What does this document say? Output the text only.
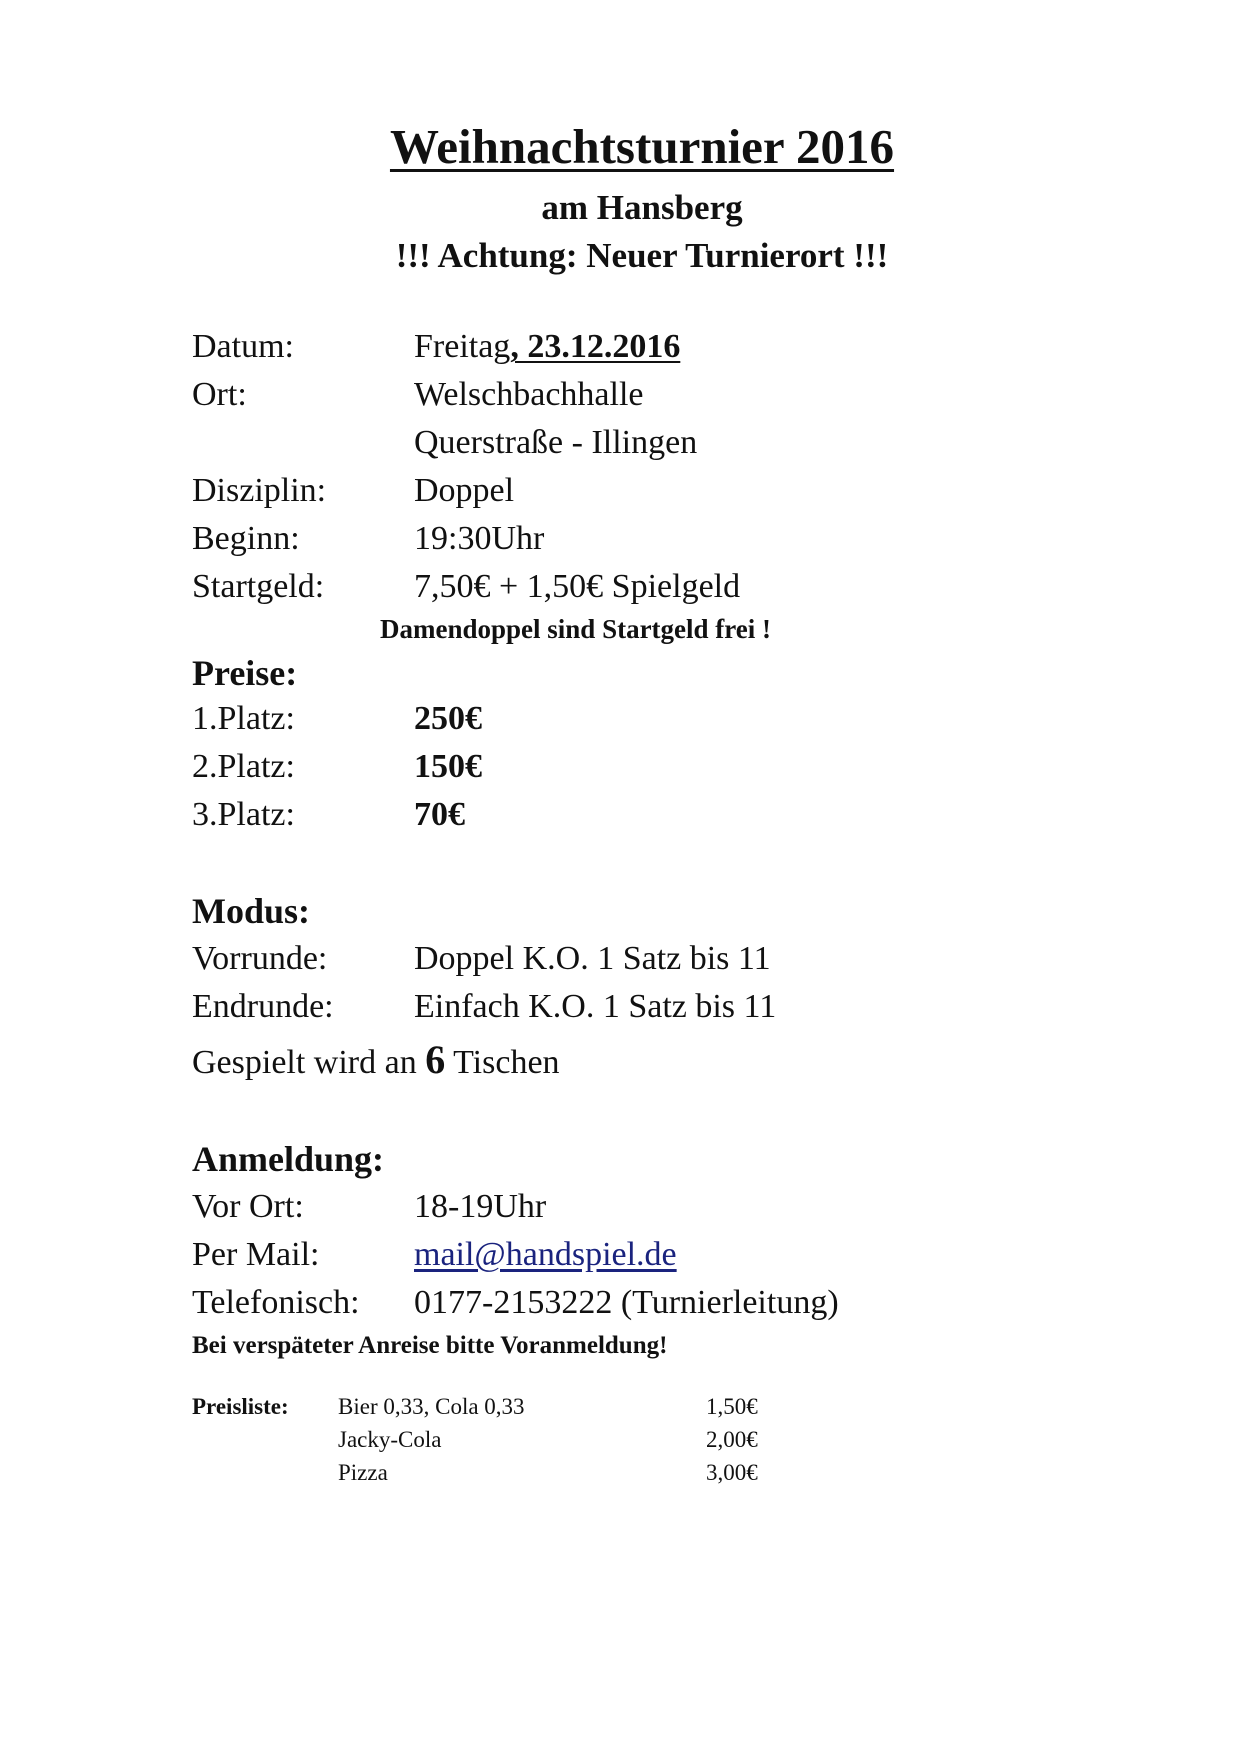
Weihnachtsturnier 2016
am Hansberg
!!! Achtung: Neuer Turnierort !!!
Datum:	Freitag, 23.12.2016
Ort:	Welschbachhalle
Querstraße - Illingen
Disziplin:	Doppel
Beginn:	19:30Uhr
Startgeld:	7,50€ + 1,50€ Spielgeld
Damendoppel sind Startgeld frei !
Preise:
1.Platz:	250€
2.Platz:	150€
3.Platz:	70€
Modus:
Vorrunde:	Doppel K.O. 1 Satz bis 11
Endrunde: Einfach K.O. 1 Satz bis 11
Gespielt wird an 6 Tischen
Anmeldung:
Vor Ort:	18-19Uhr
Per Mail:	mail@handspiel.de
Telefonisch: 0177-2153222 (Turnierleitung)
Bei verspäteter Anreise bitte Voranmeldung!
Preisliste: Bier 0,33, Cola 0,33	1,50€
Jacky-Cola	2,00€
Pizza	3,00€
